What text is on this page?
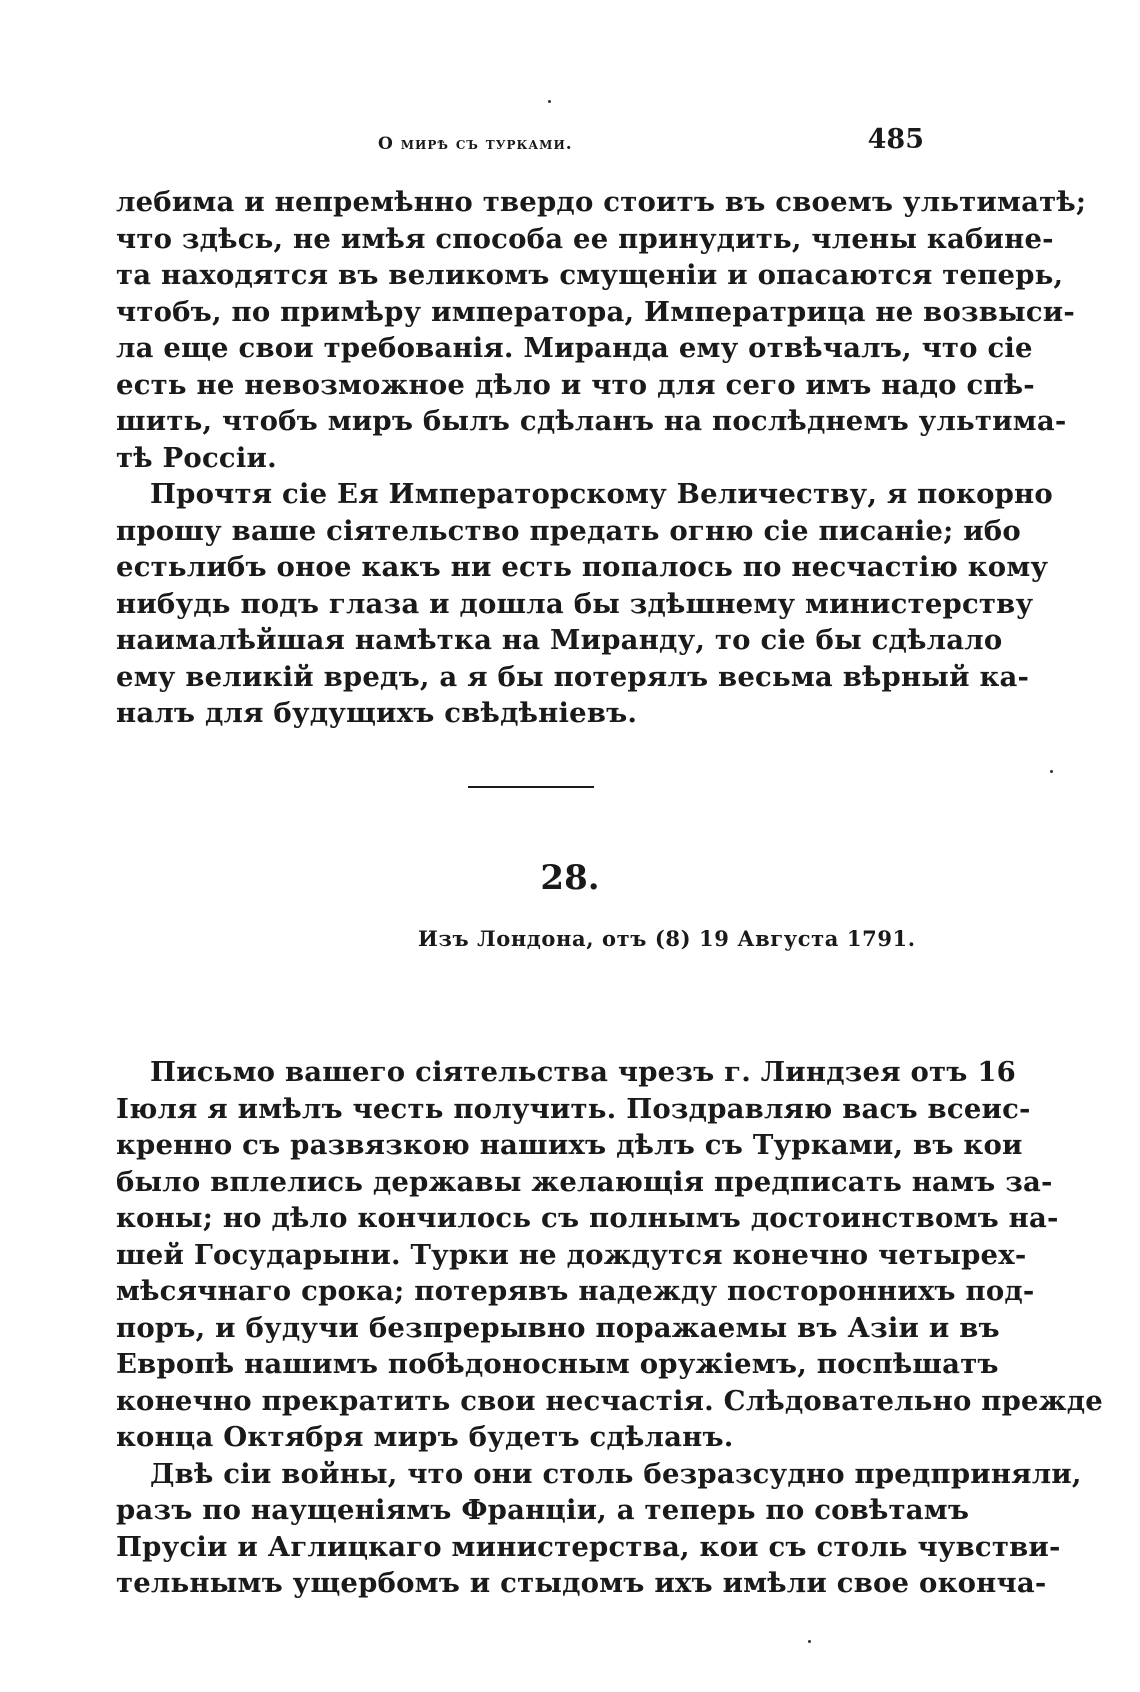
О мирѣ съ турками.	485
лебима и непремѣнно твердо стоитъ въ своемъ ультиматѣ;
что здѣсь, не имѣя способа ее принудить, члены кабине-
та находятся въ великомъ смущеніи и опасаются теперь,
чтобъ, по примѣру императора, Императрица не возвыси-
ла еще свои требованія. Миранда ему отвѣчалъ, что сіе
есть не невозможное дѣло и что для сего имъ надо спѣ-
шить, чтобъ миръ былъ сдѣланъ на послѣднемъ ультима-
тѣ Россіи.
Прочтя сіе Ея Императорскому Величеству, я покорно
прошу ваше сіятельство предать огню сіе писаніе; ибо
естьлибъ оное какъ ни есть попалось по несчастію кому
нибудь подъ глаза и дошла бы здѣшнему министерству
наималѣйшая намѣтка на Миранду, то сіе бы сдѣлало
ему великій вредъ, а я бы потерялъ весьма вѣрный ка-
налъ для будущихъ свѣдѣніевъ.
28.
Изъ Лондона, отъ (8) 19 Августа 1791.
Письмо вашего сіятельства чрезъ г. Линдзея отъ 16
Іюля я имѣлъ честь получить. Поздравляю васъ всеис-
кренно съ развязкою нашихъ дѣлъ съ Турками, въ кои
было вплелись державы желающія предписать намъ за-
коны; но дѣло кончилось съ полнымъ достоинствомъ на-
шей Государыни. Турки не дождутся конечно четырех-
мѣсячнаго срока; потерявъ надежду постороннихъ под-
поръ, и будучи безпрерывно поражаемы въ Азіи и въ
Европѣ нашимъ побѣдоносным оружіемъ, поспѣшатъ
конечно прекратить свои несчастія. Слѣдовательно прежде
конца Октября миръ будетъ сдѣланъ.
Двѣ сіи войны, что они столь безразсудно предприняли,
разъ по наущеніямъ Франціи, а теперь по совѣтамъ
Прусіи и Аглицкаго министерства, кои съ столь чувстви-
тельнымъ ущербомъ и стыдомъ ихъ имѣли свое оконча-
